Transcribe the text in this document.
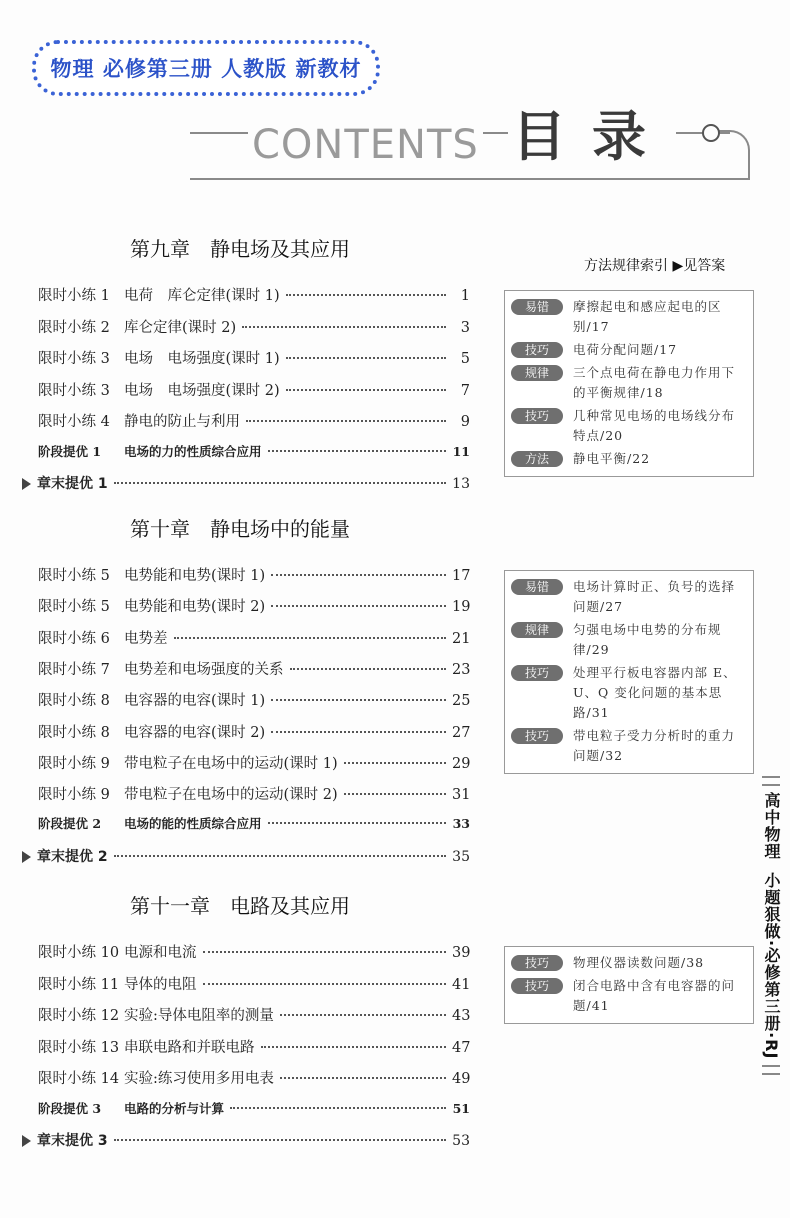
物理 必修第三册 人教版 新教材
CONTENTS 目录
方法规律索引 ▶见答案
第九章　静电场及其应用
限时小练 1 电荷　库仑定律(课时 1)	1
限时小练 2 库仑定律(课时 2)	3
限时小练 3 电场　电场强度(课时 1)	5
限时小练 3 电场　电场强度(课时 2)	7
限时小练 4 静电的防止与利用	9
阶段提优 1	电场的力的性质综合应用	11
章末提优 1	13
易错	摩擦起电和感应起电的区别/17
技巧	电荷分配问题/17
规律	三个点电荷在静电力作用下的平衡规律/18
技巧	几种常见电场的电场线分布特点/20
方法	静电平衡/22
第十章　静电场中的能量
限时小练 5 电势能和电势(课时 1)	17
限时小练 5 电势能和电势(课时 2)	19
限时小练 6 电势差	21
限时小练 7 电势差和电场强度的关系	23
限时小练 8 电容器的电容(课时 1)	25
限时小练 8 电容器的电容(课时 2)	27
限时小练 9 带电粒子在电场中的运动(课时 1)	29
限时小练 9 带电粒子在电场中的运动(课时 2)	31
阶段提优 2	电场的能的性质综合应用	33
章末提优 2	35
易错	电场计算时正、负号的选择问题/27
规律	匀强电场中电势的分布规律/29
技巧	处理平行板电容器内部 E、U、Q 变化问题的基本思路/31
技巧	带电粒子受力分析时的重力问题/32
第十一章　电路及其应用
限时小练 10 电源和电流	39
限时小练 11 导体的电阻	41
限时小练 12 实验:导体电阻率的测量	43
限时小练 13 串联电路和并联电路	47
限时小练 14 实验:练习使用多用电表	49
阶段提优 3	电路的分析与计算	51
章末提优 3	53
技巧	物理仪器读数问题/38
技巧	闭合电路中含有电容器的问题/41
高中物理
小题狠做·必修第三册·RJ
